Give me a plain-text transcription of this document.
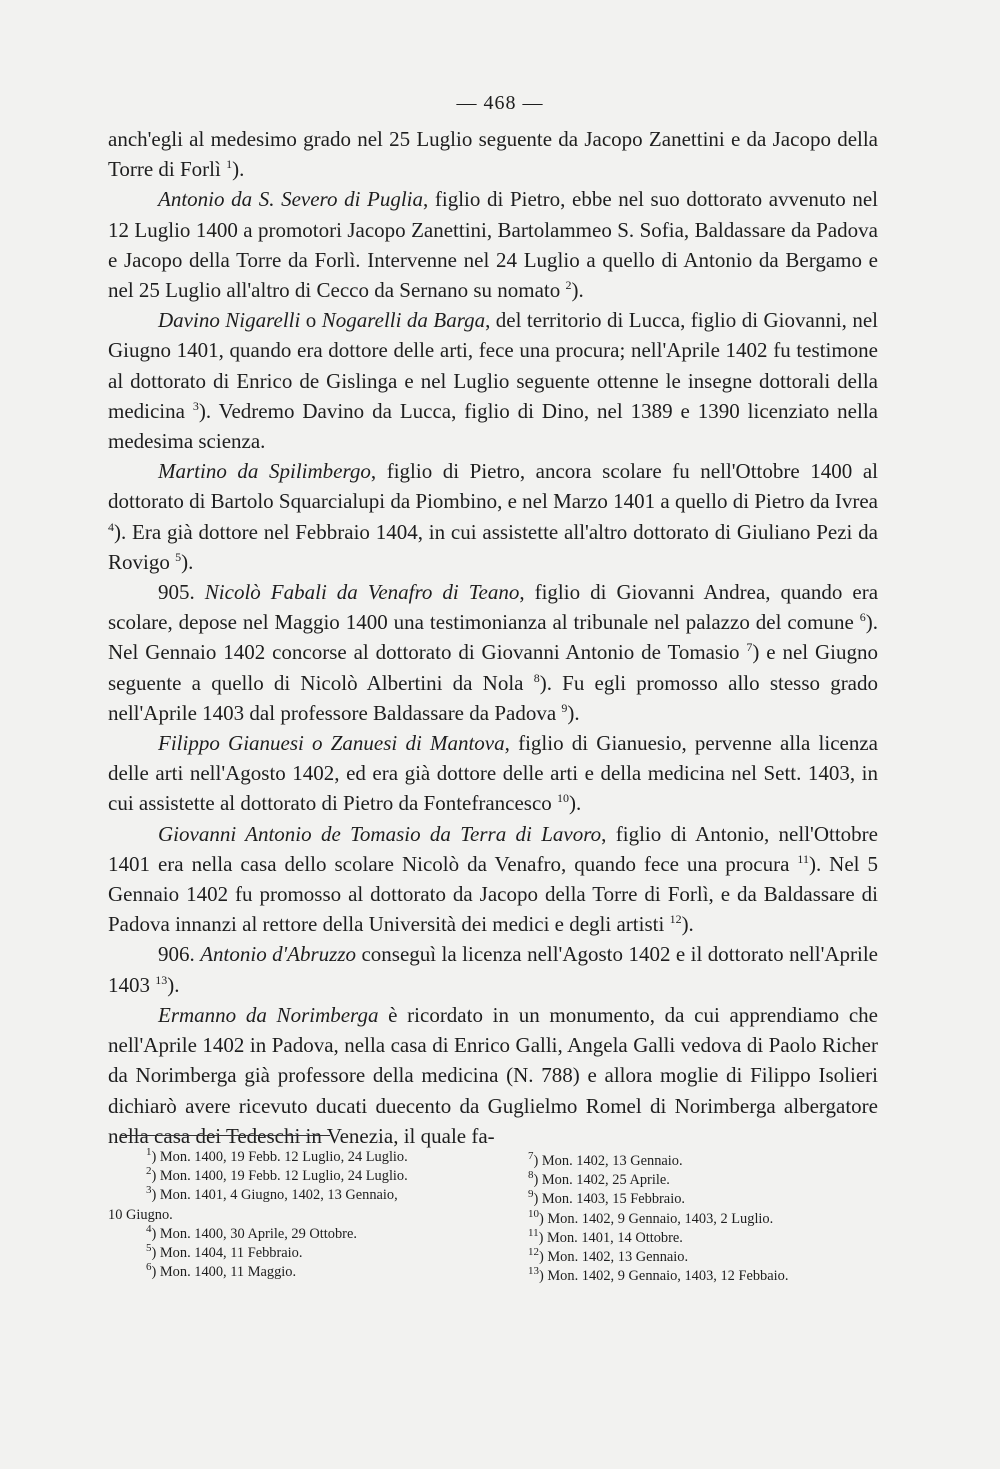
— 468 —

anch'egli al medesimo grado nel 25 Luglio seguente da Jacopo Zanettini e da Jacopo della Torre di Forlì $^1$).

Antonio da S. Severo di Puglia, figlio di Pietro, ebbe nel suo dottorato avvenuto nel 12 Luglio 1400 a promotori Jacopo Zanettini, Bartolammeo S. Sofia, Baldassare da Padova e Jacopo della Torre da Forlì. Intervenne nel 24 Luglio a quello di Antonio da Bergamo e nel 25 Luglio all'altro di Cecco da Sernano su nomato $^2$).

Davino Nigarelli o Nogarelli da Barga, del territorio di Lucca, figlio di Giovanni, nel Giugno 1401, quando era dottore delle arti, fece una procura; nell'Aprile 1402 fu testimone al dottorato di Enrico de Gislinga e nel Luglio seguente ottenne le insegne dottorali della medicina $^3$). Vedremo Davino da Lucca, figlio di Dino, nel 1389 e 1390 licenziato nella medesima scienza.

Martino da Spilimbergo, figlio di Pietro, ancora scolare fu nell'Ottobre 1400 al dottorato di Bartolo Squarcialupi da Piombino, e nel Marzo 1401 a quello di Pietro da Ivrea $^4$). Era già dottore nel Febbraio 1404, in cui assistette all'altro dottorato di Giuliano Pezi da Rovigo $^5$).

905. Nicolò Fabali da Venafro di Teano, figlio di Giovanni Andrea, quando era scolare, depose nel Maggio 1400 una testimonianza al tribunale nel palazzo del comune $^6$). Nel Gennaio 1402 concorse al dottorato di Giovanni Antonio de Tomasio $^7$) e nel Giugno seguente a quello di Nicolò Albertini da Nola $^8$). Fu egli promosso allo stesso grado nell'Aprile 1403 dal professore Baldassare da Padova $^9$).

Filippo Gianuesi o Zanuesi di Mantova, figlio di Gianuesio, pervenne alla licenza delle arti nell'Agosto 1402, ed era già dottore delle arti e della medicina nel Sett. 1403, in cui assistette al dottorato di Pietro da Fontefrancesco $^{10}$).

Giovanni Antonio de Tomasio da Terra di Lavoro, figlio di Antonio, nell'Ottobre 1401 era nella casa dello scolare Nicolò da Venafro, quando fece una procura $^{11}$). Nel 5 Gennaio 1402 fu promosso al dottorato da Jacopo della Torre di Forlì, e da Baldassare di Padova innanzi al rettore della Università dei medici e degli artisti $^{12}$).

906. Antonio d'Abruzzo conseguì la licenza nell'Agosto 1402 e il dottorato nell'Aprile 1403 $^{13}$).

Ermanno da Norimberga è ricordato in un monumento, da cui apprendiamo che nell'Aprile 1402 in Padova, nella casa di Enrico Galli, Angela Galli vedova di Paolo Richer da Norimberga già professore della medicina (N. 788) e allora moglie di Filippo Isolieri dichiarò avere ricevuto ducati duecento da Guglielmo Romel di Norimberga albergatore nella casa dei Tedeschi in Venezia, il quale fa-

$^1$) Mon. 1400, 19 Febb. 12 Luglio, 24 Luglio.

$^2$) Mon. 1400, 19 Febb. 12 Luglio, 24 Luglio.

$^3$) Mon. 1401, 4 Giugno, 1402, 13 Gennaio,

10 Giugno.

$^4$) Mon. 1400, 30 Aprile, 29 Ottobre.

$^5$) Mon. 1404, 11 Febbraio.

$^6$) Mon. 1400, 11 Maggio.

$^7$) Mon. 1402, 13 Gennaio.

$^8$) Mon. 1402, 25 Aprile.

$^9$) Mon. 1403, 15 Febbraio.

$^{10}$) Mon. 1402, 9 Gennaio, 1403, 2 Luglio.

$^{11}$) Mon. 1401, 14 Ottobre.

$^{12}$) Mon. 1402, 13 Gennaio.

$^{13}$) Mon. 1402, 9 Gennaio, 1403, 12 Febbaio.
